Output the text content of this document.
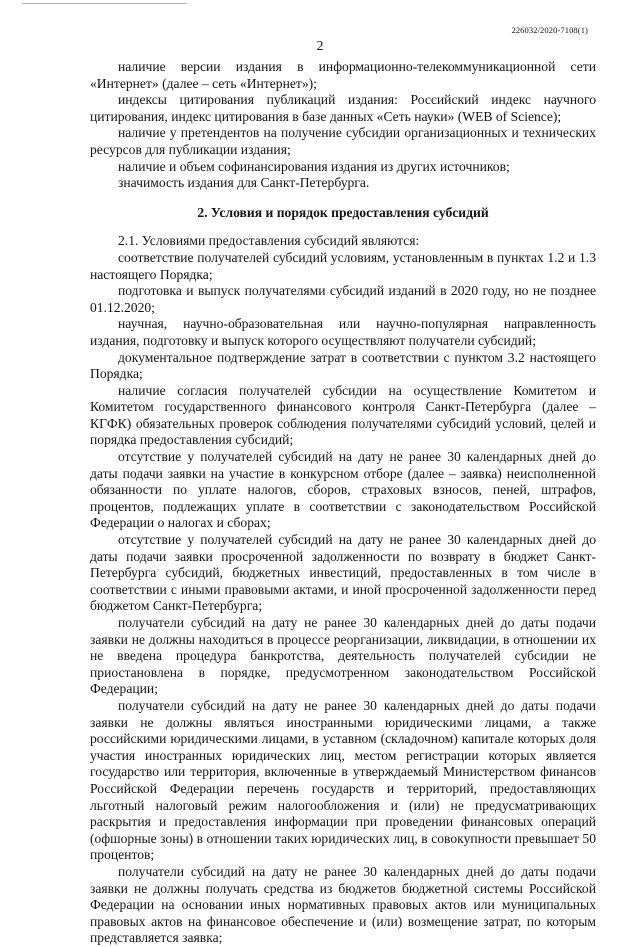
226032/2020-7108(1)
2

наличие версии издания в информационно-телекоммуникационной сети «Интернет» (далее – сеть «Интернет»);

индексы цитирования публикаций издания: Российский индекс научного цитирования, индекс цитирования в базе данных «Сеть науки» (WEB of Science);

наличие у претендентов на получение субсидии организационных и технических ресурсов для публикации издания;

наличие и объем софинансирования издания из других источников;

значимость издания для Санкт-Петербурга.

2. Условия и порядок предоставления субсидий

2.1. Условиями предоставления субсидий являются:

соответствие получателей субсидий условиям, установленным в пунктах 1.2 и 1.3 настоящего Порядка;

подготовка и выпуск получателями субсидий изданий в 2020 году, но не позднее 01.12.2020;

научная, научно-образовательная или научно-популярная направленность издания, подготовку и выпуск которого осуществляют получатели субсидий;

документальное подтверждение затрат в соответствии с пунктом 3.2 настоящего Порядка;

наличие согласия получателей субсидии на осуществление Комитетом и Комитетом государственного финансового контроля Санкт-Петербурга (далее – КГФК) обязательных проверок соблюдения получателями субсидий условий, целей и порядка предоставления субсидий;

отсутствие у получателей субсидий на дату не ранее 30 календарных дней до даты подачи заявки на участие в конкурсном отборе (далее – заявка) неисполненной обязанности по уплате налогов, сборов, страховых взносов, пеней, штрафов, процентов, подлежащих уплате в соответствии с законодательством Российской Федерации о налогах и сборах;

отсутствие у получателей субсидий на дату не ранее 30 календарных дней до даты подачи заявки просроченной задолженности по возврату в бюджет Санкт-Петербурга субсидий, бюджетных инвестиций, предоставленных в том числе в соответствии с иными правовыми актами, и иной просроченной задолженности перед бюджетом Санкт-Петербурга;

получатели субсидий на дату не ранее 30 календарных дней до даты подачи заявки не должны находиться в процессе реорганизации, ликвидации, в отношении их не введена процедура банкротства, деятельность получателей субсидии не приостановлена в порядке, предусмотренном законодательством Российской Федерации;

получатели субсидий на дату не ранее 30 календарных дней до даты подачи заявки не должны являться иностранными юридическими лицами, а также российскими юридическими лицами, в уставном (складочном) капитале которых доля участия иностранных юридических лиц, местом регистрации которых является государство или территория, включенные в утверждаемый Министерством финансов Российской Федерации перечень государств и территорий, предоставляющих льготный налоговый режим налогообложения и (или) не предусматривающих раскрытия и предоставления информации при проведении финансовых операций (офшорные зоны) в отношении таких юридических лиц, в совокупности превышает 50 процентов;

получатели субсидий на дату не ранее 30 календарных дней до даты подачи заявки не должны получать средства из бюджетов бюджетной системы Российской Федерации на основании иных нормативных правовых актов или муниципальных правовых актов на финансовое обеспечение и (или) возмещение затрат, по которым представляется заявка;
